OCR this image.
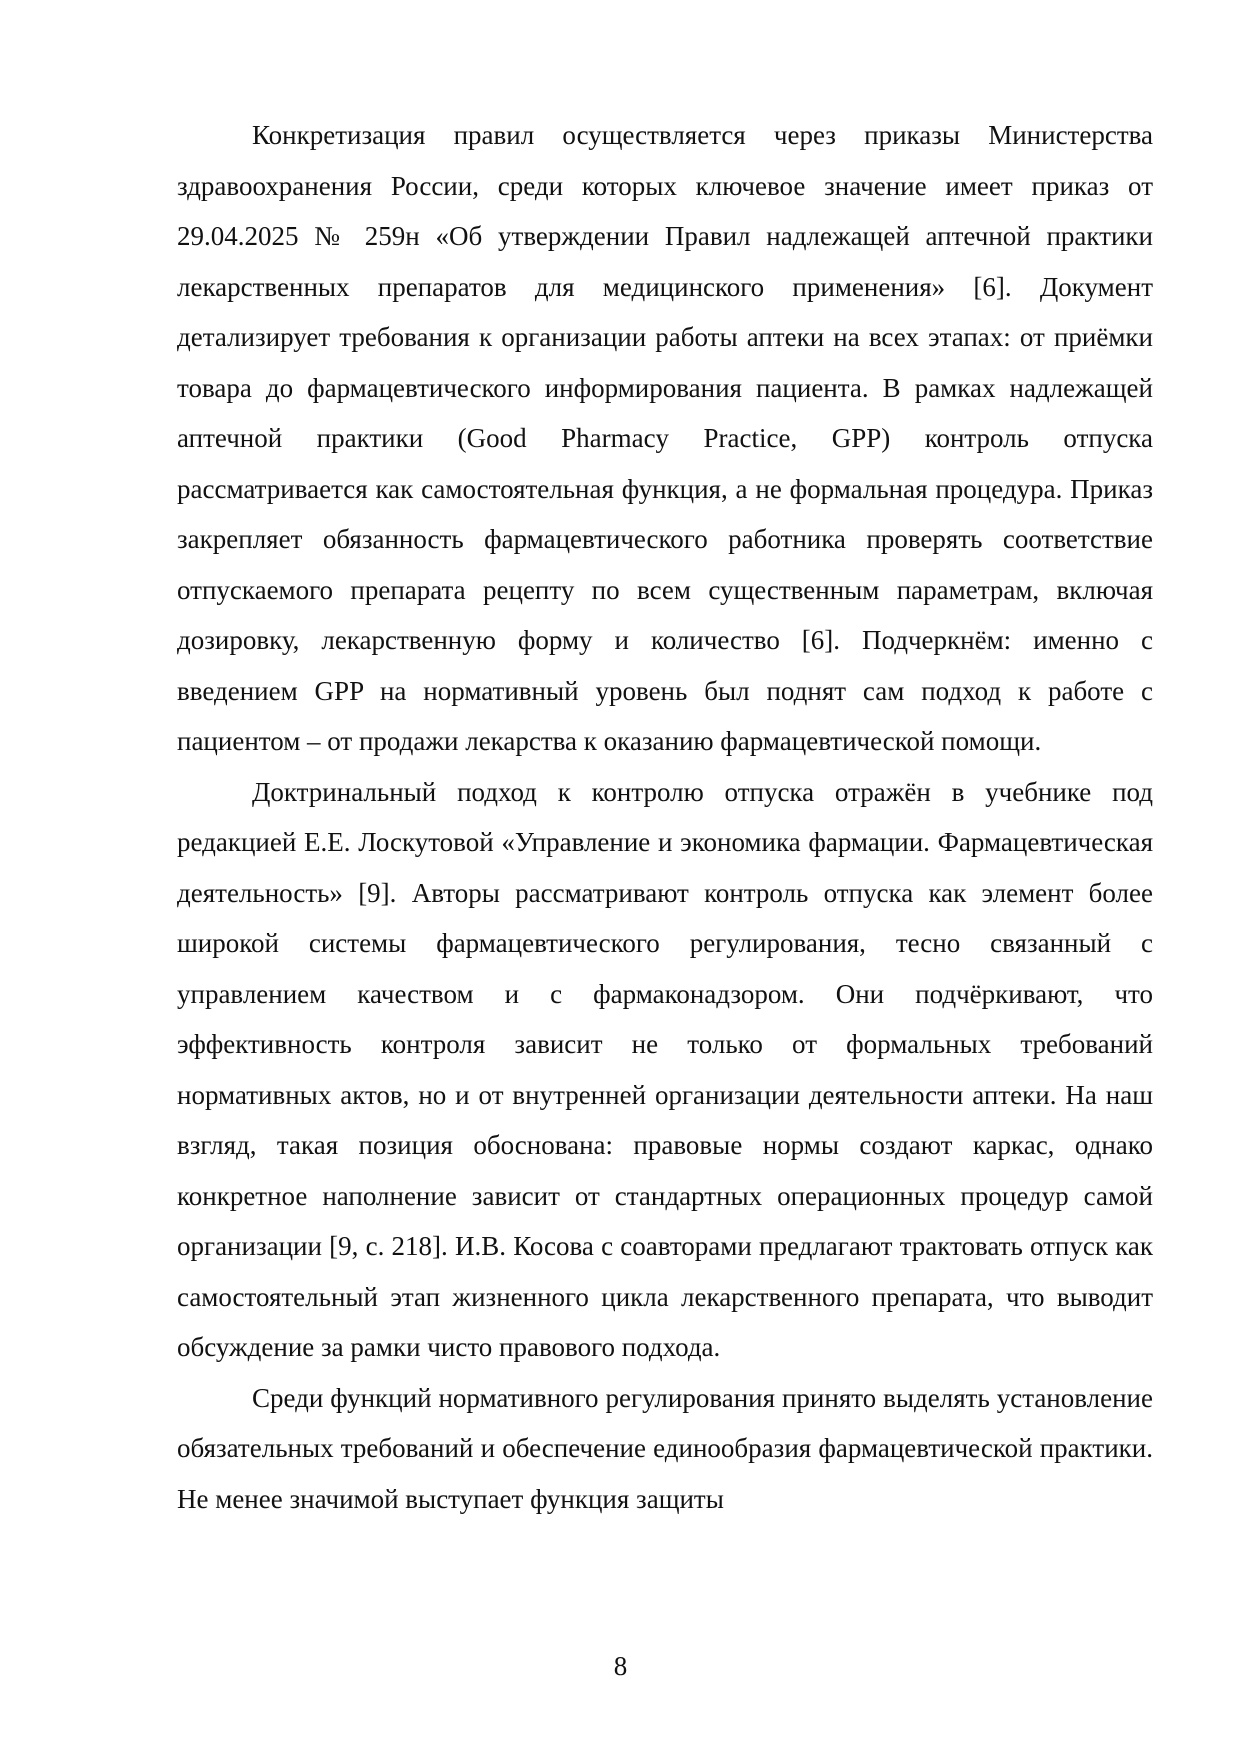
Конкретизация правил осуществляется через приказы Министерства здравоохранения России, среди которых ключевое значение имеет приказ от 29.04.2025 № 259н «Об утверждении Правил надлежащей аптечной практики лекарственных препаратов для медицинского применения» [6]. Документ детализирует требования к организации работы аптеки на всех этапах: от приёмки товара до фармацевтического информирования пациента. В рамках надлежащей аптечной практики (Good Pharmacy Practice, GPP) контроль отпуска рассматривается как самостоятельная функция, а не формальная процедура. Приказ закрепляет обязанность фармацевтического работника проверять соответствие отпускаемого препарата рецепту по всем существенным параметрам, включая дозировку, лекарственную форму и количество [6]. Подчеркнём: именно с введением GPP на нормативный уровень был поднят сам подход к работе с пациентом – от продажи лекарства к оказанию фармацевтической помощи.

Доктринальный подход к контролю отпуска отражён в учебнике под редакцией Е.Е. Лоскутовой «Управление и экономика фармации. Фармацевтическая деятельность» [9]. Авторы рассматривают контроль отпуска как элемент более широкой системы фармацевтического регулирования, тесно связанный с управлением качеством и с фармаконадзором. Они подчёркивают, что эффективность контроля зависит не только от формальных требований нормативных актов, но и от внутренней организации деятельности аптеки. На наш взгляд, такая позиция обоснована: правовые нормы создают каркас, однако конкретное наполнение зависит от стандартных операционных процедур самой организации [9, с. 218]. И.В. Косова с соавторами предлагают трактовать отпуск как самостоятельный этап жизненного цикла лекарственного препарата, что выводит обсуждение за рамки чисто правового подхода.

Среди функций нормативного регулирования принято выделять установление обязательных требований и обеспечение единообразия фармацевтической практики. Не менее значимой выступает функция защиты

8
